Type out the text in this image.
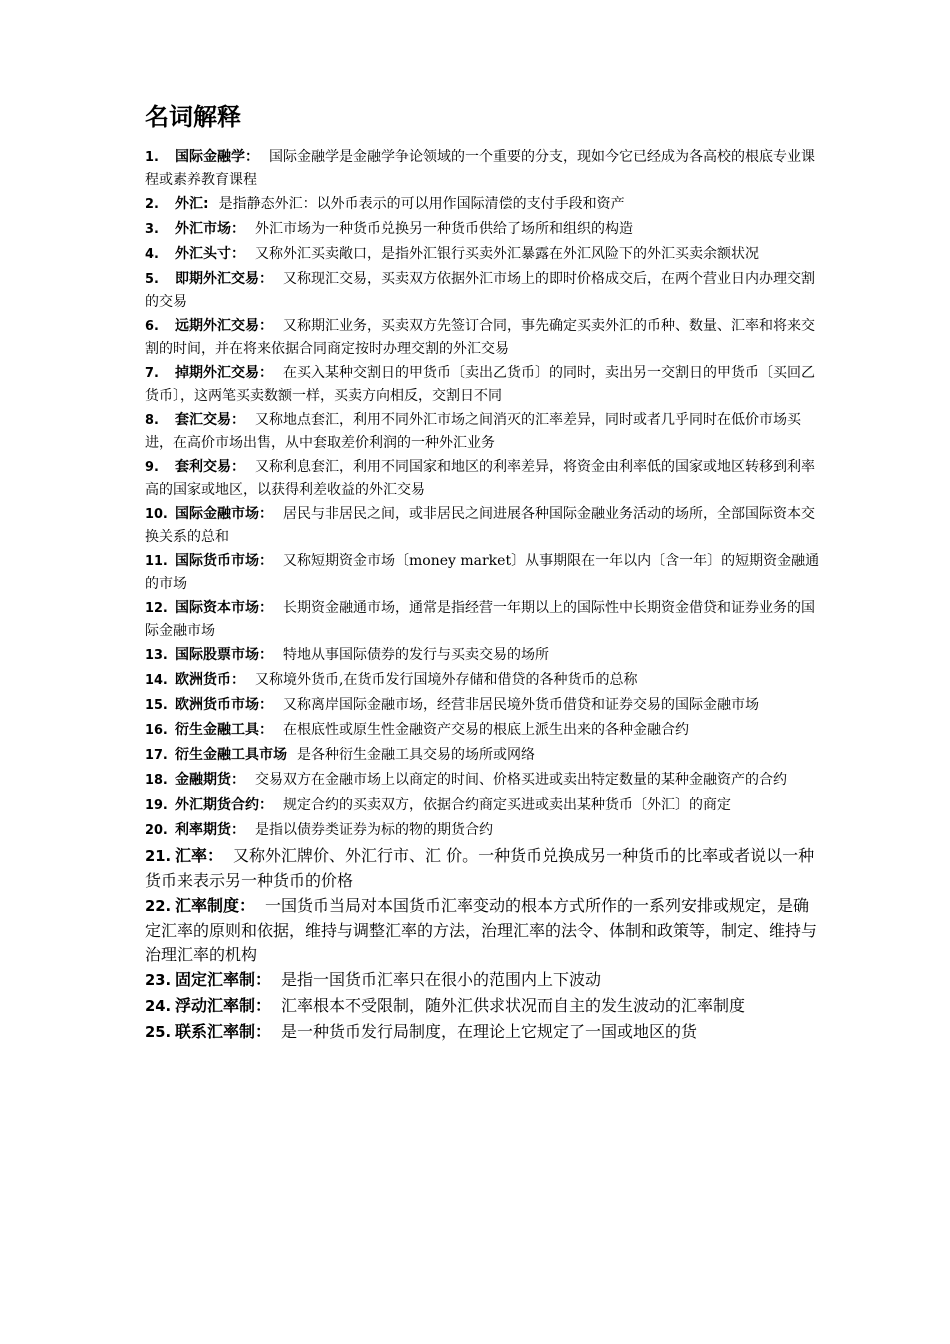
名词解释
1. 国际金融学： 国际金融学是金融学争论领域的一个重要的分支，现如今它已经成为各高校的根底专业课程或素养教育课程
2. 外汇: 是指静态外汇：以外币表示的可以用作国际清偿的支付手段和资产
3. 外汇市场： 外汇市场为一种货币兑换另一种货币供给了场所和组织的构造
4. 外汇头寸： 又称外汇买卖敞口，是指外汇银行买卖外汇暴露在外汇风险下的外汇买卖余额状况
5. 即期外汇交易： 又称现汇交易，买卖双方依据外汇市场上的即时价格成交后，在两个营业日内办理交割的交易
6. 远期外汇交易： 又称期汇业务，买卖双方先签订合同，事先确定买卖外汇的币种、数量、汇率和将来交割的时间，并在将来依据合同商定按时办理交割的外汇交易
7. 掉期外汇交易： 在买入某种交割日的甲货币〔卖出乙货币〕的同时，卖出另一交割日的甲货币〔买回乙货币〕，这两笔买卖数额一样，买卖方向相反，交割日不同
8. 套汇交易： 又称地点套汇，利用不同外汇市场之间消灭的汇率差异，同时或者几乎同时在低价市场买进，在高价市场出售，从中套取差价利润的一种外汇业务
9. 套利交易： 又称利息套汇，利用不同国家和地区的利率差异，将资金由利率低的国家或地区转移到利率高的国家或地区，以获得利差收益的外汇交易
10. 国际金融市场： 居民与非居民之间，或非居民之间进展各种国际金融业务活动的场所，全部国际资本交换关系的总和
11. 国际货币市场： 又称短期资金市场〔money market〕从事期限在一年以内〔含一年〕的短期资金融通的市场
12. 国际资本市场： 长期资金融通市场，通常是指经营一年期以上的国际性中长期资金借贷和证券业务的国际金融市场
13. 国际股票市场： 特地从事国际债券的发行与买卖交易的场所
14. 欧洲货币： 又称境外货币,在货币发行国境外存储和借贷的各种货币的总称
15. 欧洲货币市场： 又称离岸国际金融市场，经营非居民境外货币借贷和证券交易的国际金融市场
16. 衍生金融工具： 在根底性或原生性金融资产交易的根底上派生出来的各种金融合约
17. 衍生金融工具市场 是各种衍生金融工具交易的场所或网络
18. 金融期货： 交易双方在金融市场上以商定的时间、价格买进或卖出特定数量的某种金融资产的合约
19. 外汇期货合约： 规定合约的买卖双方，依据合约商定买进或卖出某种货币〔外汇〕的商定
20. 利率期货： 是指以债券类证券为标的物的期货合约
21. 汇率： 又称外汇牌价、外汇行市、汇 价。一种货币兑换成另一种货币的比率或者说以一种货币来表示另一种货币的价格
22. 汇率制度： 一国货币当局对本国货币汇率变动的根本方式所作的一系列安排或规定，是确定汇率的原则和依据，维持与调整汇率的方法，治理汇率的法令、体制和政策等，制定、维持与治理汇率的机构
23. 固定汇率制： 是指一国货币汇率只在很小的范围内上下波动
24. 浮动汇率制： 汇率根本不受限制，随外汇供求状况而自主的发生波动的汇率制度
25. 联系汇率制： 是一种货币发行局制度，在理论上它规定了一国或地区的货
